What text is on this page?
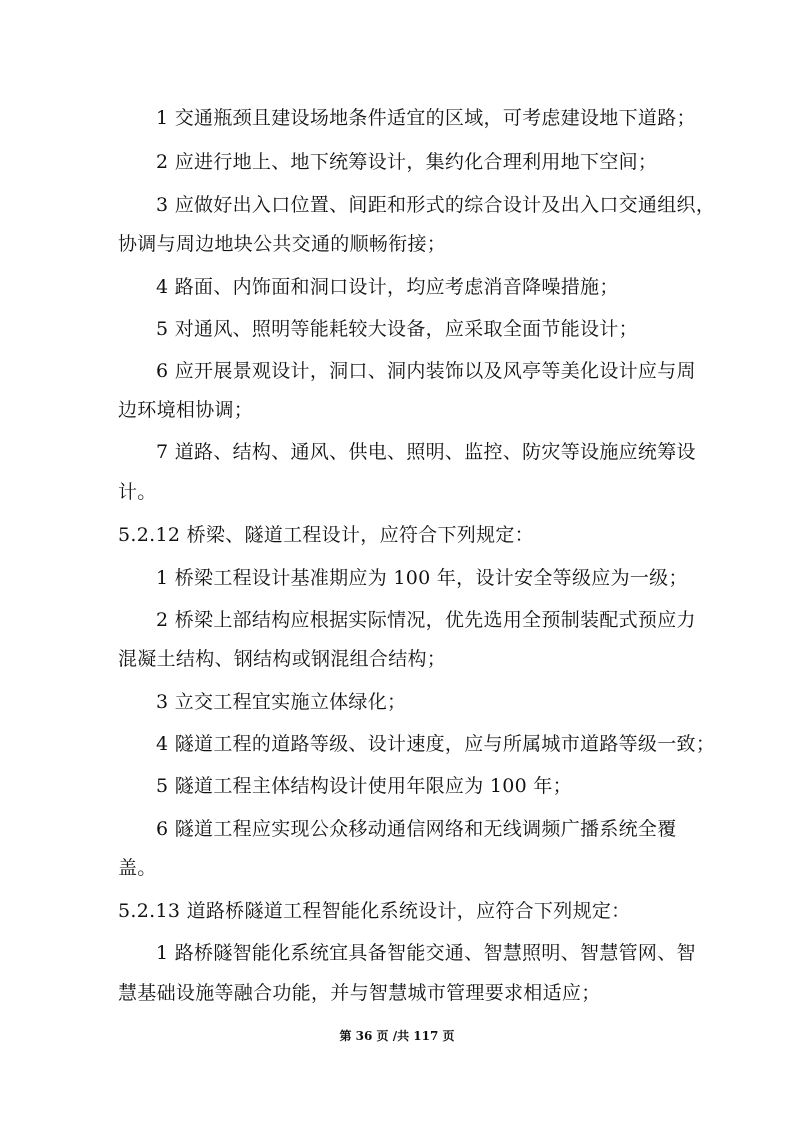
1 交通瓶颈且建设场地条件适宜的区域，可考虑建设地下道路；
2 应进行地上、地下统筹设计，集约化合理利用地下空间；
3 应做好出入口位置、间距和形式的综合设计及出入口交通组织，
协调与周边地块公共交通的顺畅衔接；
4 路面、内饰面和洞口设计，均应考虑消音降噪措施；
5 对通风、照明等能耗较大设备，应采取全面节能设计；
6 应开展景观设计，洞口、洞内装饰以及风亭等美化设计应与周
边环境相协调；
7 道路、结构、通风、供电、照明、监控、防灾等设施应统筹设
计。
5.2.12 桥梁、隧道工程设计，应符合下列规定：
1 桥梁工程设计基准期应为 100 年，设计安全等级应为一级；
2 桥梁上部结构应根据实际情况，优先选用全预制装配式预应力
混凝土结构、钢结构或钢混组合结构；
3 立交工程宜实施立体绿化；
4 隧道工程的道路等级、设计速度，应与所属城市道路等级一致；
5 隧道工程主体结构设计使用年限应为 100 年；
6 隧道工程应实现公众移动通信网络和无线调频广播系统全覆
盖。
5.2.13 道路桥隧道工程智能化系统设计，应符合下列规定：
1 路桥隧智能化系统宜具备智能交通、智慧照明、智慧管网、智
慧基础设施等融合功能，并与智慧城市管理要求相适应；
第 36 页 /共 117 页
